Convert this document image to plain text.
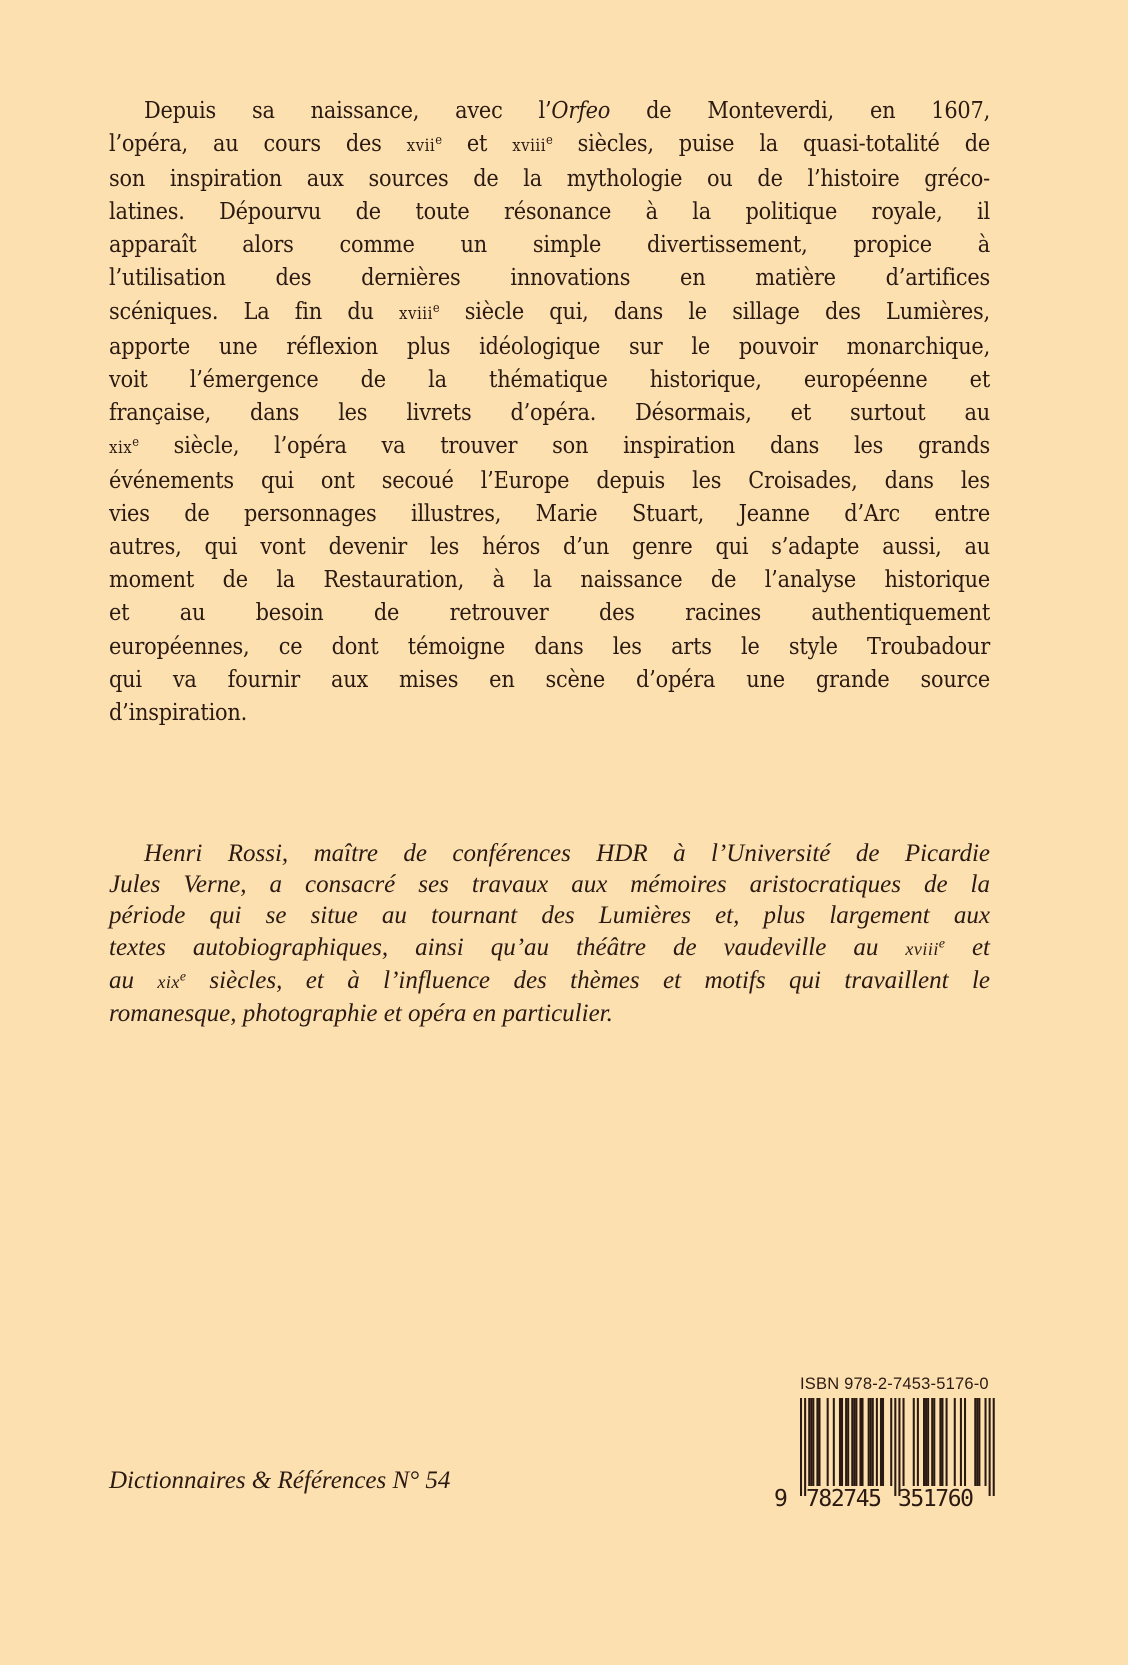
Depuis sa naissance, avec l’Orfeo de Monteverdi, en 1607,
l’opéra, au cours des xvii$^e$ et xviii$^e$ siècles, puise la quasi-totalité de
son inspiration aux sources de la mythologie ou de l’histoire gréco-
latines. Dépourvu de toute résonance à la politique royale, il
apparaît alors comme un simple divertissement, propice à
l’utilisation des dernières innovations en matière d’artifices
scéniques. La fin du xviii$^e$ siècle qui, dans le sillage des Lumières,
apporte une réflexion plus idéologique sur le pouvoir monarchique,
voit l’émergence de la thématique historique, européenne et
française, dans les livrets d’opéra. Désormais, et surtout au
xix$^e$ siècle, l’opéra va trouver son inspiration dans les grands
événements qui ont secoué l’Europe depuis les Croisades, dans les
vies de personnages illustres, Marie Stuart, Jeanne d’Arc entre
autres, qui vont devenir les héros d’un genre qui s’adapte aussi, au
moment de la Restauration, à la naissance de l’analyse historique
et au besoin de retrouver des racines authentiquement
européennes, ce dont témoigne dans les arts le style Troubadour
qui va fournir aux mises en scène d’opéra une grande source
d’inspiration.
Henri Rossi, maître de conférences HDR à l’Université de Picardie
Jules Verne, a consacré ses travaux aux mémoires aristocratiques de la
période qui se situe au tournant des Lumières et, plus largement aux
textes autobiographiques, ainsi qu’au théâtre de vaudeville au xviii$^e$ et
au xix$^e$ siècles, et à l’influence des thèmes et motifs qui travaillent le
romanesque, photographie et opéra en particulier.
Dictionnaires & Références N° 54
ISBN 978-2-7453-5176-0
9 782745 351760
